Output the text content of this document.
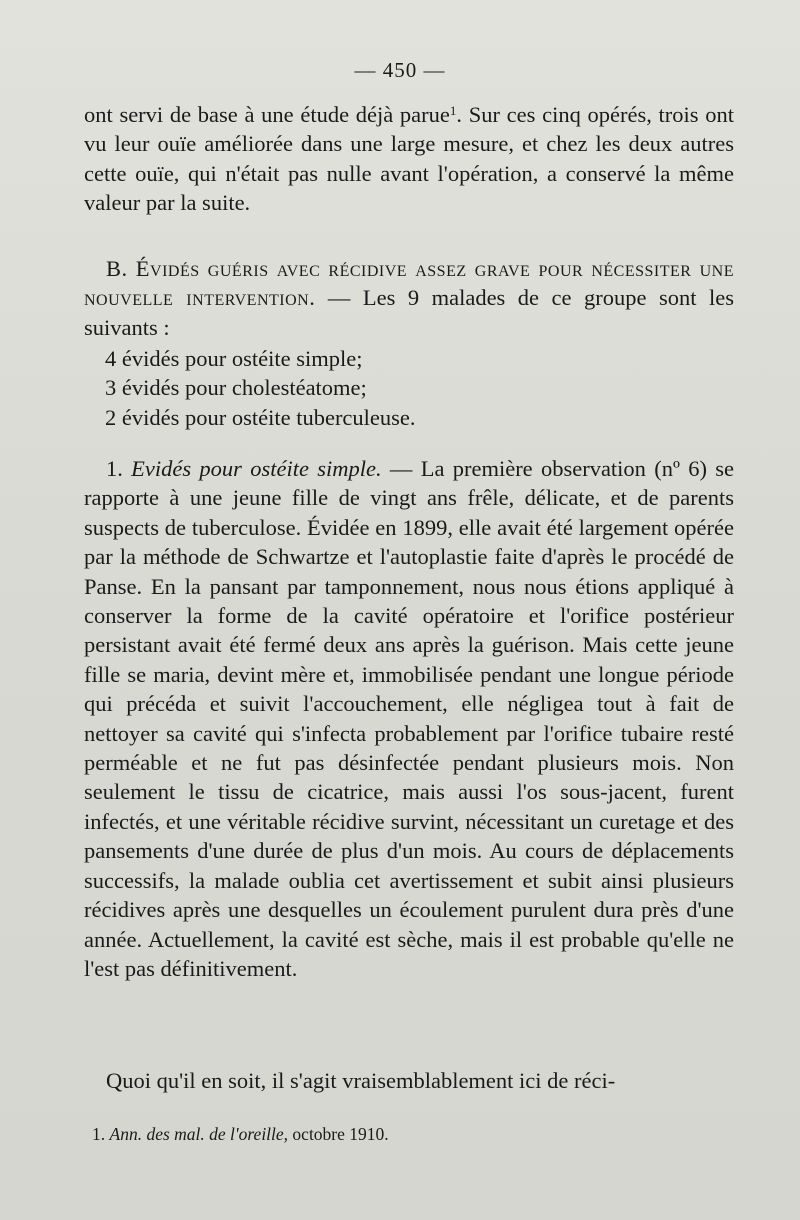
— 450 —

ont servi de base à une étude déjà parue$^1$. Sur ces cinq opérés, trois ont vu leur ouïe améliorée dans une large mesure, et chez les deux autres cette ouïe, qui n'était pas nulle avant l'opération, a conservé la même valeur par la suite.

B. Évidés guéris avec récidive assez grave pour nécessiter une nouvelle intervention. — Les 9 malades de ce groupe sont les suivants :

4 évidés pour ostéite simple;
3 évidés pour cholestéatome;
2 évidés pour ostéite tuberculeuse.

1. Evidés pour ostéite simple. — La première observation (nº 6) se rapporte à une jeune fille de vingt ans frêle, délicate, et de parents suspects de tuberculose. Évidée en 1899, elle avait été largement opérée par la méthode de Schwartze et l'autoplastie faite d'après le procédé de Panse. En la pansant par tamponnement, nous nous étions appliqué à conserver la forme de la cavité opératoire et l'orifice postérieur persistant avait été fermé deux ans après la guérison. Mais cette jeune fille se maria, devint mère et, immobilisée pendant une longue période qui précéda et suivit l'accouchement, elle négligea tout à fait de nettoyer sa cavité qui s'infecta probablement par l'orifice tubaire resté perméable et ne fut pas désinfectée pendant plusieurs mois. Non seulement le tissu de cicatrice, mais aussi l'os sous-jacent, furent infectés, et une véritable récidive survint, nécessitant un curetage et des pansements d'une durée de plus d'un mois. Au cours de déplacements successifs, la malade oublia cet avertissement et subit ainsi plusieurs récidives après une desquelles un écoulement purulent dura près d'une année. Actuellement, la cavité est sèche, mais il est probable qu'elle ne l'est pas définitivement.

Quoi qu'il en soit, il s'agit vraisemblablement ici de réci-
1. Ann. des mal. de l'oreille, octobre 1910.
